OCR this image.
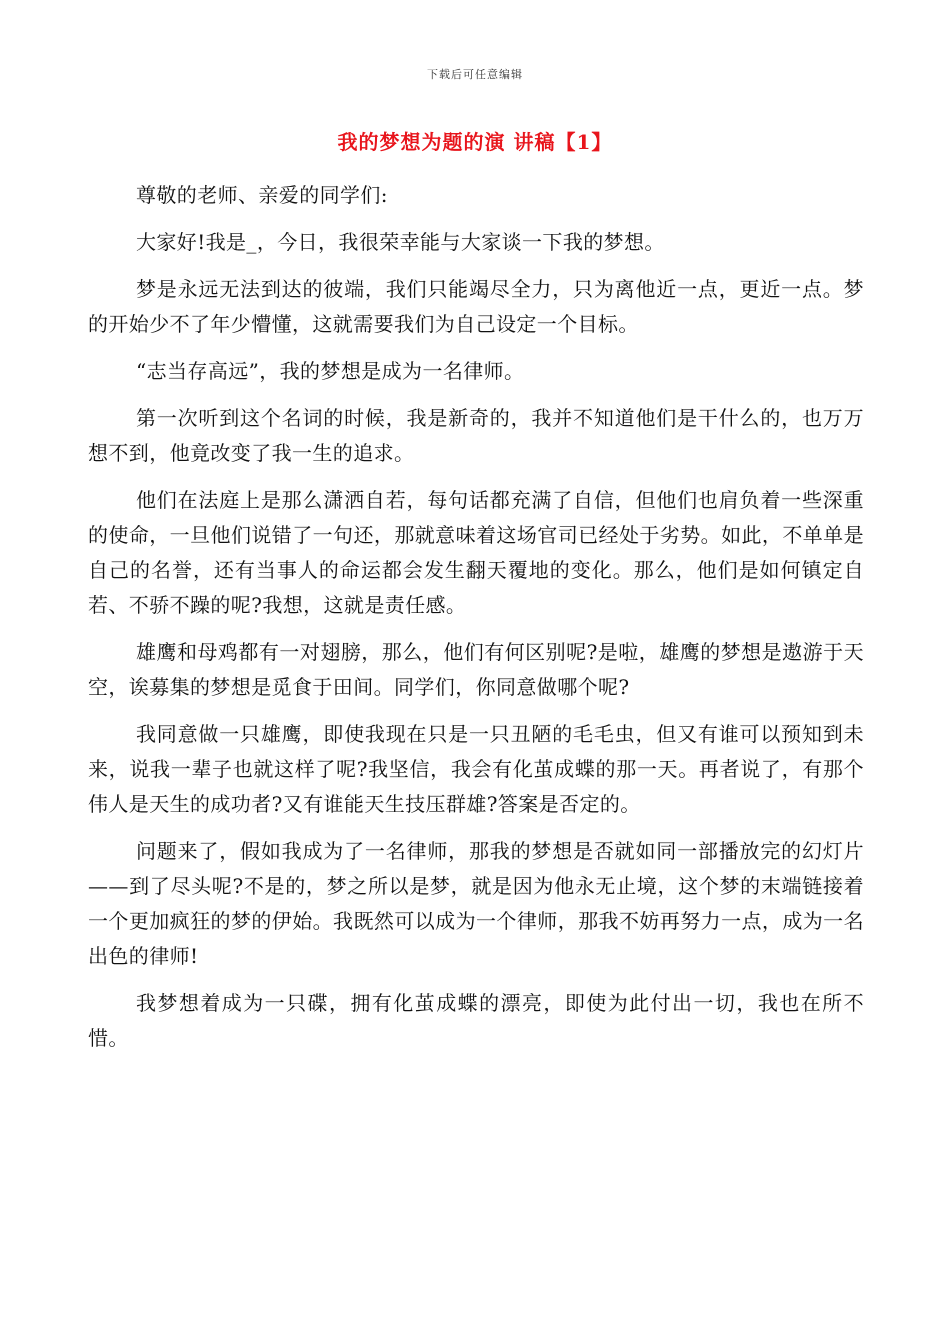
下载后可任意编辑
我的梦想为题的演 讲稿【1】

尊敬的老师、亲爱的同学们:

大家好!我是_，今日，我很荣幸能与大家谈一下我的梦想。

梦是永远无法到达的彼端，我们只能竭尽全力，只为离他近一点，更近一点。梦的开始少不了年少懵懂，这就需要我们为自己设定一个目标。

“志当存高远”，我的梦想是成为一名律师。

第一次听到这个名词的时候，我是新奇的，我并不知道他们是干什么的，也万万想不到，他竟改变了我一生的追求。

他们在法庭上是那么潇洒自若，每句话都充满了自信，但他们也肩负着一些深重的使命，一旦他们说错了一句还，那就意味着这场官司已经处于劣势。如此，不单单是自己的名誉，还有当事人的命运都会发生翻天覆地的变化。那么，他们是如何镇定自若、不骄不躁的呢?我想，这就是责任感。

雄鹰和母鸡都有一对翅膀，那么，他们有何区别呢?是啦，雄鹰的梦想是遨游于天空，诶募集的梦想是觅食于田间。同学们，你同意做哪个呢?

我同意做一只雄鹰，即使我现在只是一只丑陋的毛毛虫，但又有谁可以预知到未来，说我一辈子也就这样了呢?我坚信，我会有化茧成蝶的那一天。再者说了，有那个伟人是天生的成功者?又有谁能天生技压群雄?答案是否定的。

问题来了，假如我成为了一名律师，那我的梦想是否就如同一部播放完的幻灯片——到了尽头呢?不是的，梦之所以是梦，就是因为他永无止境，这个梦的末端链接着一个更加疯狂的梦的伊始。我既然可以成为一个律师，那我不妨再努力一点，成为一名出色的律师!

我梦想着成为一只碟，拥有化茧成蝶的漂亮，即使为此付出一切，我也在所不惜。
